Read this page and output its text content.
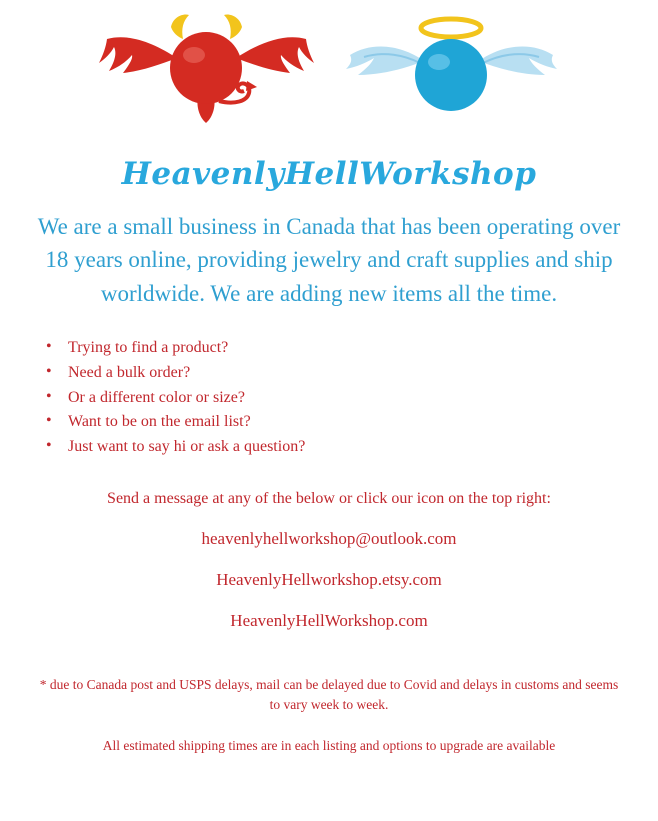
HeavenlyHellWorkshop
We are a small business in Canada that has been operating over 18 years online, providing jewelry and craft supplies and ship worldwide. We are adding new items all the time.
• Trying to find a product?
• Need a bulk order?
• Or a different color or size?
• Want to be on the email list?
• Just want to say hi or ask a question?
Send a message at any of the below or click our icon on the top right:
heavenlyhellworkshop@outlook.com
HeavenlyHellworkshop.etsy.com
HeavenlyHellWorkshop.com
* due to Canada post and USPS delays, mail can be delayed due to Covid and delays in customs and seems to vary week to week.
All estimated shipping times are in each listing and options to upgrade are available
